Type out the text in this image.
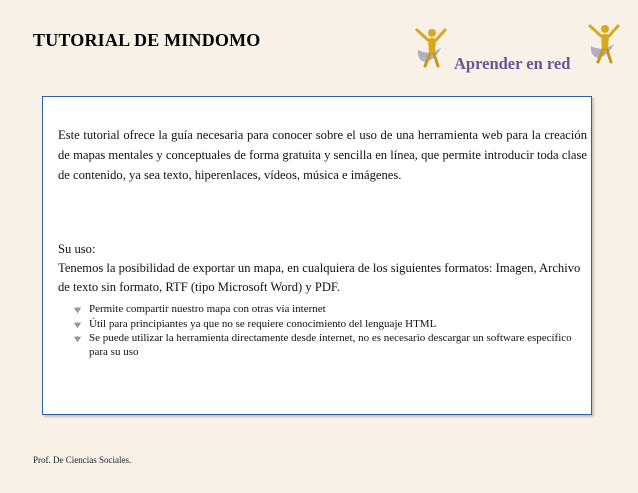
TUTORIAL DE MINDOMO
Aprender en red

Este tutorial ofrece la guía necesaria para conocer sobre el uso de una herramienta web para la creación de mapas mentales y conceptuales de forma gratuita y sencilla en línea, que permite introducir toda clase de contenido, ya sea texto, hiperenlaces, vídeos, música e imágenes.

Su uso:

Tenemos la posibilidad de exportar un mapa, en cualquiera de los siguientes formatos: Imagen, Archivo de texto sin formato, RTF (tipo Microsoft Word) y PDF.

Permite compartir nuestro mapa con otras vía internet
Útil para principiantes ya que no se requiere conocimiento del lenguaje HTML
Se puede utilizar la herramienta directamente desde internet, no es necesario descargar un software específico para su uso
Prof. De Ciencias Sociales.
